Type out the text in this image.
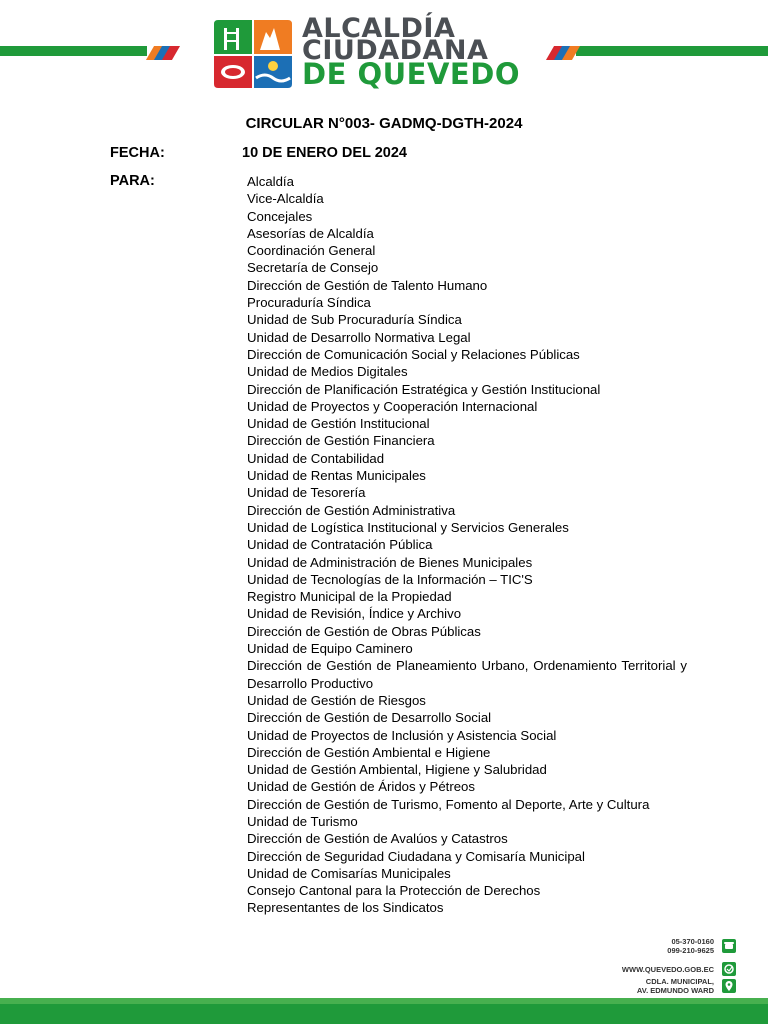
ALCALDÍA
CIUDADANA
DE QUEVEDO
CIRCULAR N°003- GADMQ-DGTH-2024
FECHA:	10 DE ENERO DEL 2024
PARA:	Alcaldía
Vice-Alcaldía
Concejales
Asesorías de Alcaldía
Coordinación General
Secretaría de Consejo
Dirección de Gestión de Talento Humano
Procuraduría Síndica
Unidad de Sub Procuraduría Síndica
Unidad de Desarrollo Normativa Legal
Dirección de Comunicación Social y Relaciones Públicas
Unidad de Medios Digitales
Dirección de Planificación Estratégica y Gestión Institucional
Unidad de Proyectos y Cooperación Internacional
Unidad de Gestión Institucional
Dirección de Gestión Financiera
Unidad de Contabilidad
Unidad de Rentas Municipales
Unidad de Tesorería
Dirección de Gestión Administrativa
Unidad de Logística Institucional y Servicios Generales
Unidad de Contratación Pública
Unidad de Administración de Bienes Municipales
Unidad de Tecnologías de la Información – TIC'S
Registro Municipal de la Propiedad
Unidad de Revisión, Índice y Archivo
Dirección de Gestión de Obras Públicas
Unidad de Equipo Caminero
Dirección de Gestión de Planeamiento Urbano, Ordenamiento Territorial y Desarrollo Productivo
Unidad de Gestión de Riesgos
Dirección de Gestión de Desarrollo Social
Unidad de Proyectos de Inclusión y Asistencia Social
Dirección de Gestión Ambiental e Higiene
Unidad de Gestión Ambiental, Higiene y Salubridad
Unidad de Gestión de Áridos y Pétreos
Dirección de Gestión de Turismo, Fomento al Deporte, Arte y Cultura
Unidad de Turismo
Dirección de Gestión de Avalúos y Catastros
Dirección de Seguridad Ciudadana y Comisaría Municipal
Unidad de Comisarías Municipales
Consejo Cantonal para la Protección de Derechos
Representantes de los Sindicatos
05-370-0160
099-210-9625
WWW.QUEVEDO.GOB.EC
CDLA. MUNICIPAL,
AV. EDMUNDO WARD
